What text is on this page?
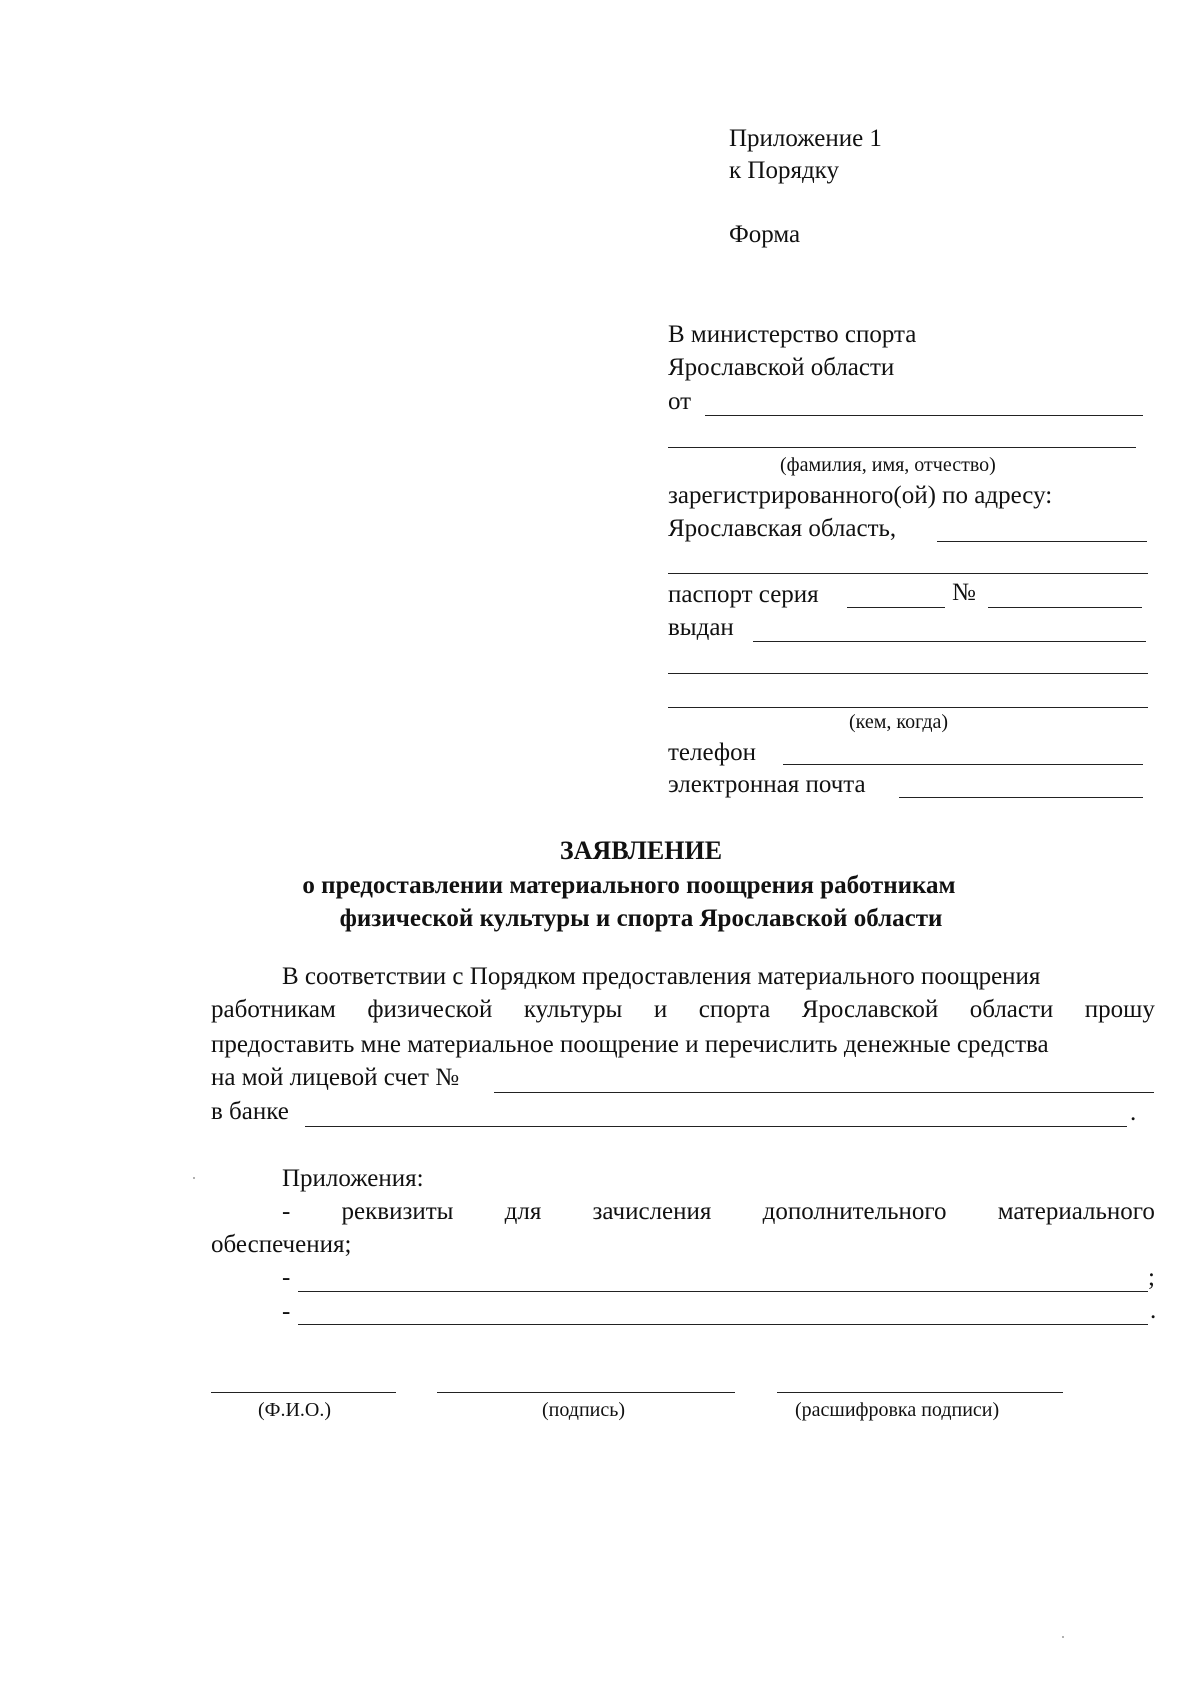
Приложение 1
к Порядку
Форма
В министерство спорта
Ярославской области
от
(фамилия, имя, отчество)
зарегистрированного(ой) по адресу:
Ярославская область,
паспорт серия	№
выдан
(кем, когда)
телефон
электронная почта
ЗАЯВЛЕНИЕ
о предоставлении материального поощрения работникам
физической культуры и спорта Ярославской области
В соответствии с Порядком предоставления материального поощрения
работникам физической культуры и спорта Ярославской области прошу
предоставить мне материальное поощрение и перечислить денежные средства
на мой лицевой счет №
в банке	.
Приложения:
- реквизиты для зачисления дополнительного материального
обеспечения;
-	;
-	.
(Ф.И.О.)	(подпись)	(расшифровка подписи)
